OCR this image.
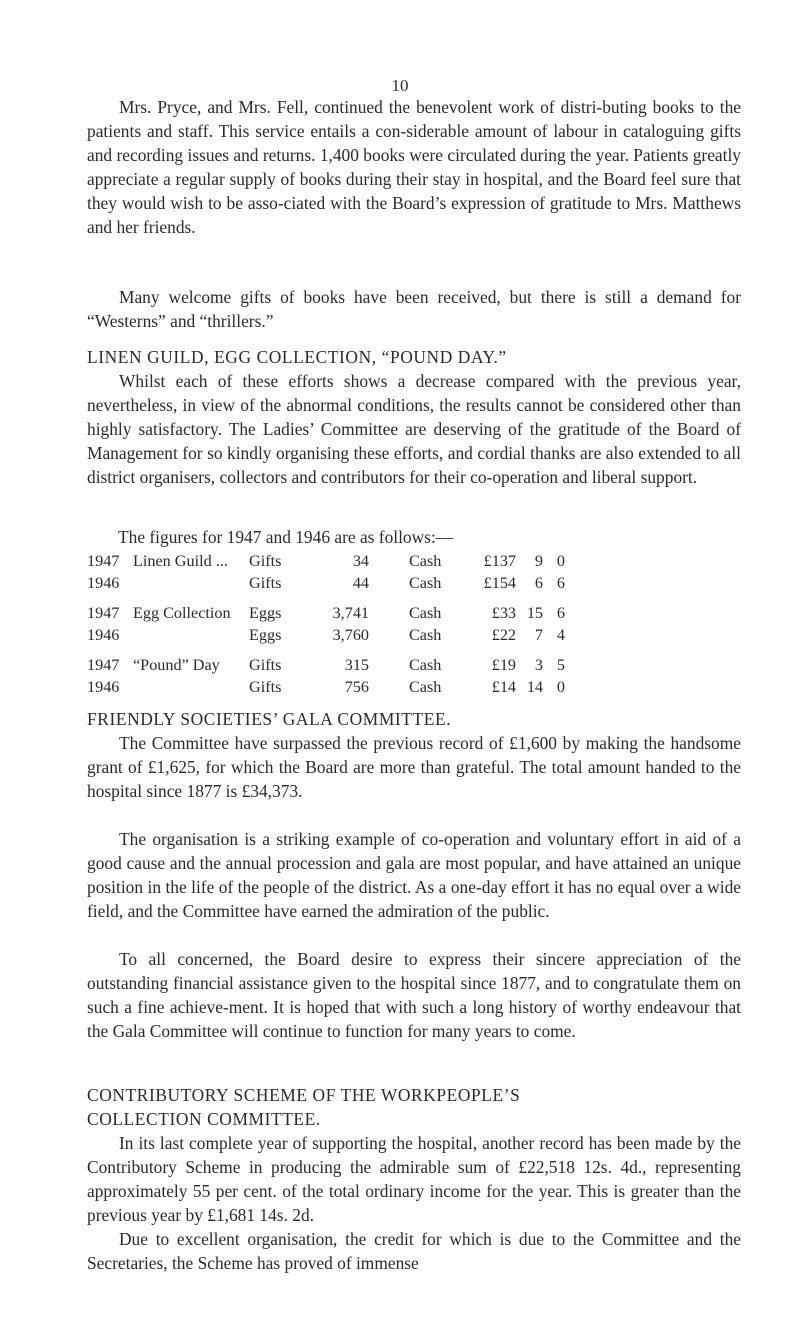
10

Mrs. Pryce, and Mrs. Fell, continued the benevolent work of distri-buting books to the patients and staff. This service entails a con-siderable amount of labour in cataloguing gifts and recording issues and returns. 1,400 books were circulated during the year. Patients greatly appreciate a regular supply of books during their stay in hospital, and the Board feel sure that they would wish to be asso-ciated with the Board’s expression of gratitude to Mrs. Matthews and her friends.

Many welcome gifts of books have been received, but there is still a demand for “Westerns” and “thrillers.”

LINEN GUILD, EGG COLLECTION, “POUND DAY.”

Whilst each of these efforts shows a decrease compared with the previous year, nevertheless, in view of the abnormal conditions, the results cannot be considered other than highly satisfactory. The Ladies’ Committee are deserving of the gratitude of the Board of Management for so kindly organising these efforts, and cordial thanks are also extended to all district organisers, collectors and contributors for their co-operation and liberal support.

The figures for 1947 and 1946 are as follows:—
1947 Linen Guild ... Gifts	34 Cash	£137	9 0
1946	Gifts	44 Cash	£154	6 6
1947 Egg Collection Eggs	3,741 Cash	£33 15 6
1946	Eggs	3,760 Cash	£22	7 4
1947 “Pound” Day Gifts	315 Cash	£19	3 5
1946	Gifts	756 Cash	£14 14 0
FRIENDLY SOCIETIES’ GALA COMMITTEE.

The Committee have surpassed the previous record of £1,600 by making the handsome grant of £1,625, for which the Board are more than grateful. The total amount handed to the hospital since 1877 is £34,373.

The organisation is a striking example of co-operation and voluntary effort in aid of a good cause and the annual procession and gala are most popular, and have attained an unique position in the life of the people of the district. As a one-day effort it has no equal over a wide field, and the Committee have earned the admiration of the public.

To all concerned, the Board desire to express their sincere appreciation of the outstanding financial assistance given to the hospital since 1877, and to congratulate them on such a fine achieve-ment. It is hoped that with such a long history of worthy endeavour that the Gala Committee will continue to function for many years to come.

CONTRIBUTORY SCHEME OF THE WORKPEOPLE’S
COLLECTION COMMITTEE.

In its last complete year of supporting the hospital, another record has been made by the Contributory Scheme in producing the admirable sum of £22,518 12s. 4d., representing approximately 55 per cent. of the total ordinary income for the year. This is greater than the previous year by £1,681 14s. 2d.

Due to excellent organisation, the credit for which is due to the Committee and the Secretaries, the Scheme has proved of immense
